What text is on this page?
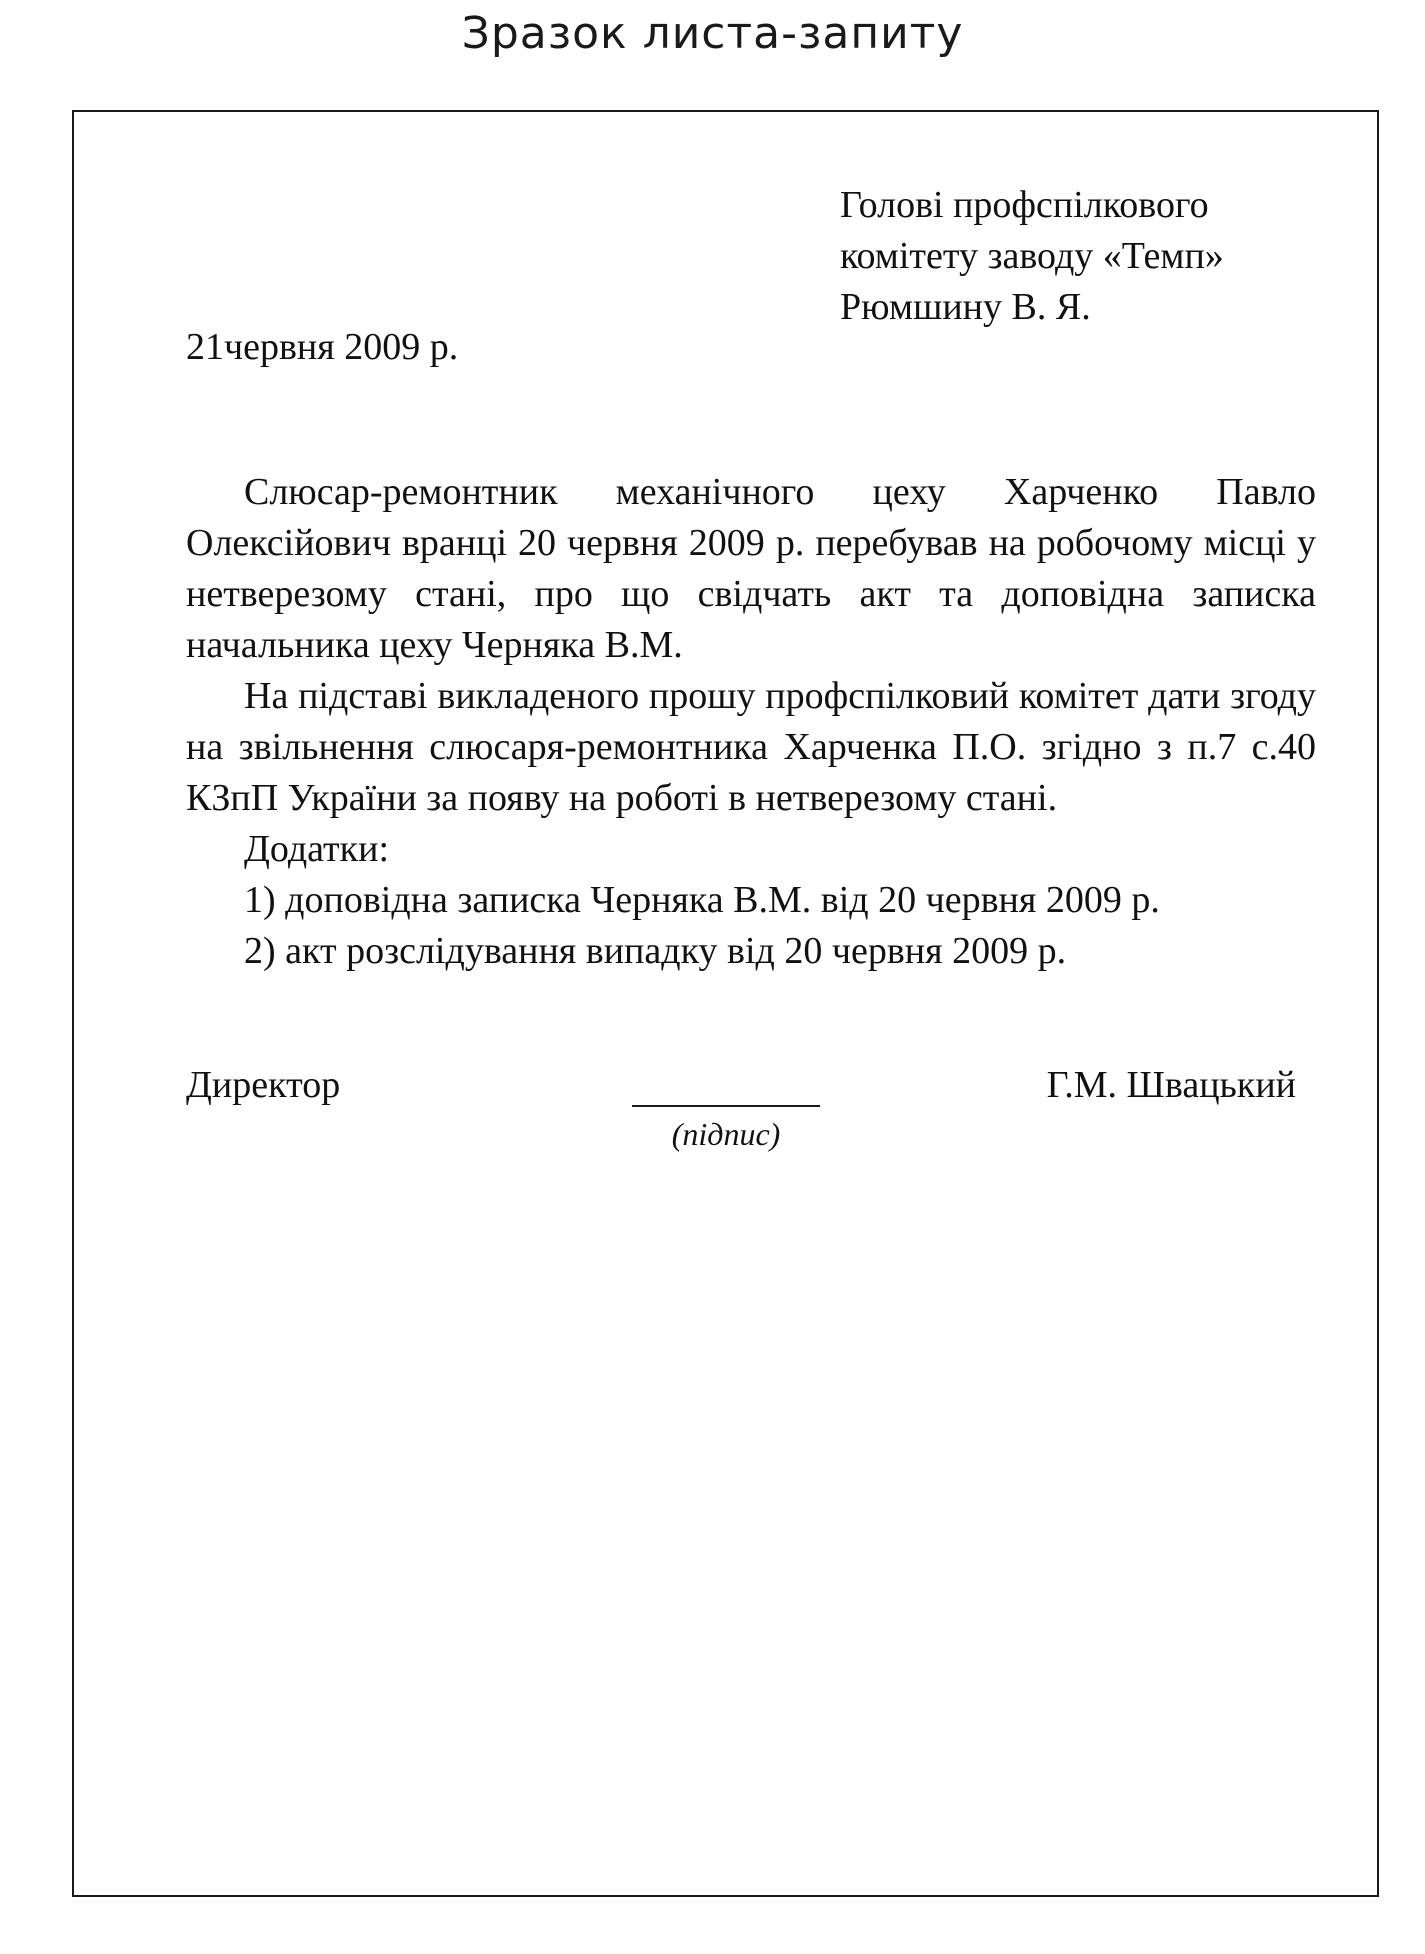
Зразок листа-запиту
Голові профспілкового
комітету заводу «Темп»
Рюмшину В. Я.
21червня 2009 р.

Слюсар-ремонтник механічного цеху Харченко Павло Олексійович вранці 20 червня 2009 р. перебував на робочому місці у нетверезому стані, про що свідчать акт та доповідна записка начальника цеху Черняка В.М.

На підставі викладеного прошу профспілковий комітет дати згоду на звільнення слюсаря-ремонтника Харченка П.О. згідно з п.7 с.40 КЗпП України за появу на роботі в нетверезому стані.

Додатки:

1) доповідна записка Черняка В.М. від 20 червня 2009 р.

2) акт розслідування випадку від 20 червня 2009 р.

Директор
(підпис)
Г.М. Швацький
